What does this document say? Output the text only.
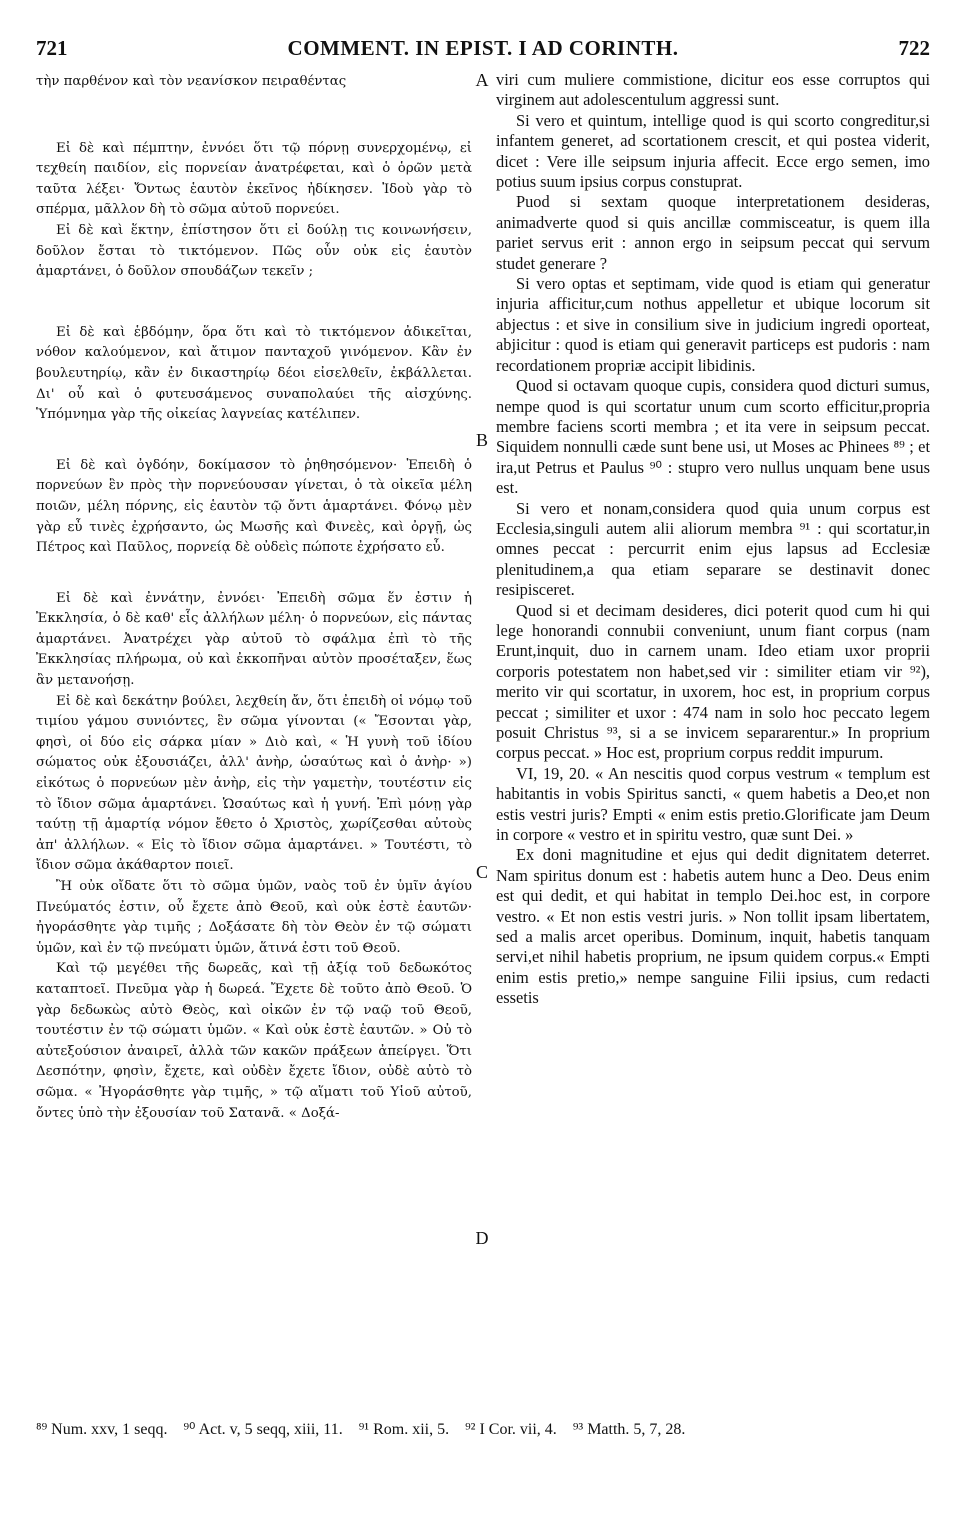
721	COMMENT. IN EPIST. I AD CORINTH.	722

τὴν παρθένον καὶ τὸν νεανίσκον πειραθέντας

Εἰ δὲ καὶ πέμπτην, ἐννόει ὅτι τῷ πόρνῃ συνερχομένῳ, εἰ τεχθείη παιδίον, εἰς πορνείαν ἀνατρέφεται, καὶ ὁ ὁρῶν μετὰ ταῦτα λέξει· Ὄντως ἑαυτὸν ἐκεῖνος ἠδίκησεν. Ἰδοὺ γὰρ τὸ σπέρμα, μᾶλλον δὴ τὸ σῶμα αὐτοῦ πορνεύει.

Εἰ δὲ καὶ ἕκτην, ἐπίστησον ὅτι εἰ δούλῃ τις κοινωνήσειν, δοῦλον ἔσται τὸ τικτόμενον. Πῶς οὖν οὐκ εἰς ἑαυτὸν ἁμαρτάνει, ὁ δοῦλον σπουδάζων τεκεῖν ;

Εἰ δὲ καὶ ἑβδόμην, ὅρα ὅτι καὶ τὸ τικτόμενον ἀδικεῖται, νόθον καλούμενον, καὶ ἄτιμον πανταχοῦ γινόμενον. Κἂν ἐν βουλευτηρίῳ, κἂν ἐν δικαστηρίῳ δέοι εἰσελθεῖν, ἐκβάλλεται. Δι' οὗ καὶ ὁ φυτευσάμενος συναπολαύει τῆς αἰσχύνης. Ὑπόμνημα γὰρ τῆς οἰκείας λαγνείας κατέλιπεν.

Εἰ δὲ καὶ ὀγδόην, δοκίμασον τὸ ῥηθησόμενον· Ἐπειδὴ ὁ πορνεύων ἓν πρὸς τὴν πορνεύουσαν γίνεται, ὁ τὰ οἰκεῖα μέλη ποιῶν, μέλη πόρνης, εἰς ἑαυτὸν τῷ ὄντι ἁμαρτάνει. Φόνῳ μὲν γὰρ εὖ τινὲς ἐχρήσαντο, ὡς Μωσῆς καὶ Φινεὲς, καὶ ὀργῇ, ὡς Πέτρος καὶ Παῦλος, πορνείᾳ δὲ οὐδεὶς πώποτε ἐχρήσατο εὖ.

Εἰ δὲ καὶ ἐννάτην, ἐννόει· Ἐπειδὴ σῶμα ἕν ἐστιν ἡ Ἐκκλησία, ὁ δὲ καθ' εἷς ἀλλήλων μέλη· ὁ πορνεύων, εἰς πάντας ἁμαρτάνει. Ἀνατρέχει γὰρ αὐτοῦ τὸ σφάλμα ἐπὶ τὸ τῆς Ἐκκλησίας πλήρωμα, οὐ καὶ ἐκκοπῆναι αὐτὸν προσέταξεν, ἕως ἂν μετανοήσῃ.

Εἰ δὲ καὶ δεκάτην βούλει, λεχθείη ἄν, ὅτι ἐπειδὴ οἱ νόμῳ τοῦ τιμίου γάμου συνιόντες, ἓν σῶμα γίνονται (« Ἔσονται γὰρ, φησὶ, οἱ δύο εἰς σάρκα μίαν » Διὸ καὶ, « Ἡ γυνὴ τοῦ ἰδίου σώματος οὐκ ἐξουσιάζει, ἀλλ' ἀνὴρ, ὡσαύτως καὶ ὁ ἀνὴρ· ») εἰκότως ὁ πορνεύων μὲν ἀνὴρ, εἰς τὴν γαμετὴν, τουτέστιν εἰς τὸ ἴδιον σῶμα ἁμαρτάνει. Ὡσαύτως καὶ ἡ γυνή. Ἐπὶ μόνῃ γὰρ ταύτῃ τῇ ἁμαρτίᾳ νόμον ἔθετο ὁ Χριστὸς, χωρίζεσθαι αὐτοὺς ἀπ' ἀλλήλων. « Εἰς τὸ ἴδιον σῶμα ἁμαρτάνει. » Τουτέστι, τὸ ἴδιον σῶμα ἀκάθαρτον ποιεῖ.

Ἢ οὐκ οἴδατε ὅτι τὸ σῶμα ὑμῶν, ναὸς τοῦ ἐν ὑμῖν ἁγίου Πνεύματός ἐστιν, οὗ ἔχετε ἀπὸ Θεοῦ, καὶ οὐκ ἐστὲ ἑαυτῶν· ἠγοράσθητε γὰρ τιμῆς ; Δοξάσατε δὴ τὸν Θεὸν ἐν τῷ σώματι ὑμῶν, καὶ ἐν τῷ πνεύματι ὑμῶν, ἅτινά ἐστι τοῦ Θεοῦ.

Καὶ τῷ μεγέθει τῆς δωρεᾶς, καὶ τῇ ἀξίᾳ τοῦ δεδωκότος καταπτοεῖ. Πνεῦμα γὰρ ἡ δωρεά. Ἔχετε δὲ τοῦτο ἀπὸ Θεοῦ. Ὁ γὰρ δεδωκὼς αὐτὸ Θεὸς, καὶ οἰκῶν ἐν τῷ ναῷ τοῦ Θεοῦ, τουτέστιν ἐν τῷ σώματι ὑμῶν. « Καὶ οὐκ ἐστὲ ἑαυτῶν. » Οὐ τὸ αὐτεξούσιον ἀναιρεῖ, ἀλλὰ τῶν κακῶν πράξεων ἀπείργει. Ὅτι Δεσπότην, φησὶν, ἔχετε, καὶ οὐδὲν ἔχετε ἴδιον, οὐδὲ αὐτὸ τὸ σῶμα. « Ἠγοράσθητε γὰρ τιμῆς, » τῷ αἵματι τοῦ Υἱοῦ αὐτοῦ, ὄντες ὑπὸ τὴν ἐξουσίαν τοῦ Σατανᾶ. « Δοξά-

A
B
C
D

viri cum muliere commistione, dicitur eos esse corruptos qui virginem aut adolescentulum aggressi sunt.

Si vero et quintum, intellige quod is qui scorto congreditur,si infantem generet, ad scortationem crescit, et qui postea viderit, dicet : Vere ille seipsum injuria affecit. Ecce ergo semen, imo potius suum ipsius corpus constuprat.

Puod si sextam quoque interpretationem desideras, animadverte quod si quis ancillæ commisceatur, is quem illa pariet servus erit : annon ergo in seipsum peccat qui servum studet generare ?

Si vero optas et septimam, vide quod is etiam qui generatur injuria afficitur,cum nothus appelletur et ubique locorum sit abjectus : et sive in consilium sive in judicium ingredi oporteat, abjicitur : quod is etiam qui generavit particeps est pudoris : nam recordationem propriæ accipit libidinis.

Quod si octavam quoque cupis, considera quod dicturi sumus, nempe quod is qui scortatur unum cum scorto efficitur,propria membre faciens scorti membra ; et ita vere in seipsum peccat. Siquidem nonnulli cæde sunt bene usi, ut Moses ac Phinees ⁸⁹ ; et ira,ut Petrus et Paulus ⁹⁰ : stupro vero nullus unquam bene usus est.

Si vero et nonam,considera quod quia unum corpus est Ecclesia,singuli autem alii aliorum membra ⁹¹ : qui scortatur,in omnes peccat : percurrit enim ejus lapsus ad Ecclesiæ plenitudinem,a qua etiam separare se destinavit donec resipisceret.

Quod si et decimam desideres, dici poterit quod cum hi qui lege honorandi connubii conveniunt, unum fiant corpus (nam Erunt,inquit, duo in carnem unam. Ideo etiam uxor proprii corporis potestatem non habet,sed vir : similiter etiam vir ⁹²), merito vir qui scortatur, in uxorem, hoc est, in proprium corpus peccat ; similiter et uxor : 474 nam in solo hoc peccato legem posuit Christus ⁹³, si a se invicem separarentur.» In proprium corpus peccat. » Hoc est, proprium corpus reddit impurum.

VI, 19, 20. « An nescitis quod corpus vestrum « templum est habitantis in vobis Spiritus sancti, « quem habetis a Deo,et non estis vestri juris? Empti « enim estis pretio.Glorificate jam Deum in corpore « vestro et in spiritu vestro, quæ sunt Dei. »

Ex doni magnitudine et ejus qui dedit dignitatem deterret. Nam spiritus donum est : habetis autem hunc a Deo. Deus enim est qui dedit, et qui habitat in templo Dei.hoc est, in corpore vestro. « Et non estis vestri juris. » Non tollit ipsam libertatem, sed a malis arcet operibus. Dominum, inquit, habetis tanquam servi,et nihil habetis proprium, ne ipsum quidem corpus.« Empti enim estis pretio,» nempe sanguine Filii ipsius, cum redacti essetis

⁸⁹ Num. xxv, 1 seqq. ⁹⁰ Act. v, 5 seqq, xiii, 11. ⁹¹ Rom. xii, 5. ⁹² I Cor. vii, 4. ⁹³ Matth. 5, 7, 28.
